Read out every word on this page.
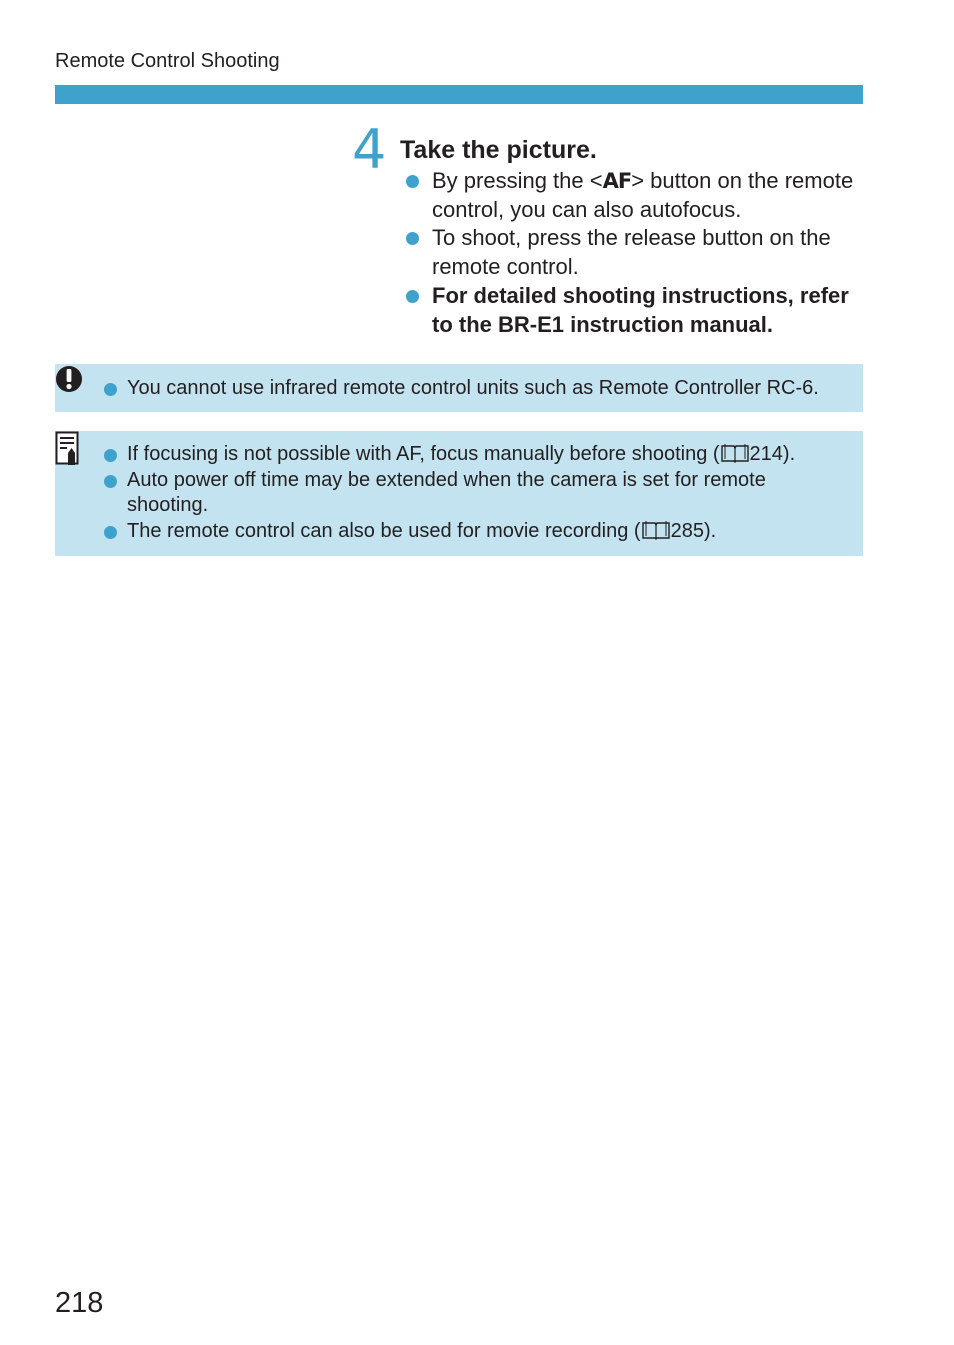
Remote Control Shooting
4 Take the picture.
By pressing the <AF> button on the remote control, you can also autofocus.
To shoot, press the release button on the remote control.
For detailed shooting instructions, refer to the BR-E1 instruction manual.
You cannot use infrared remote control units such as Remote Controller RC-6.
If focusing is not possible with AF, focus manually before shooting ( 214).
Auto power off time may be extended when the camera is set for remote shooting.
The remote control can also be used for movie recording ( 285).
218
